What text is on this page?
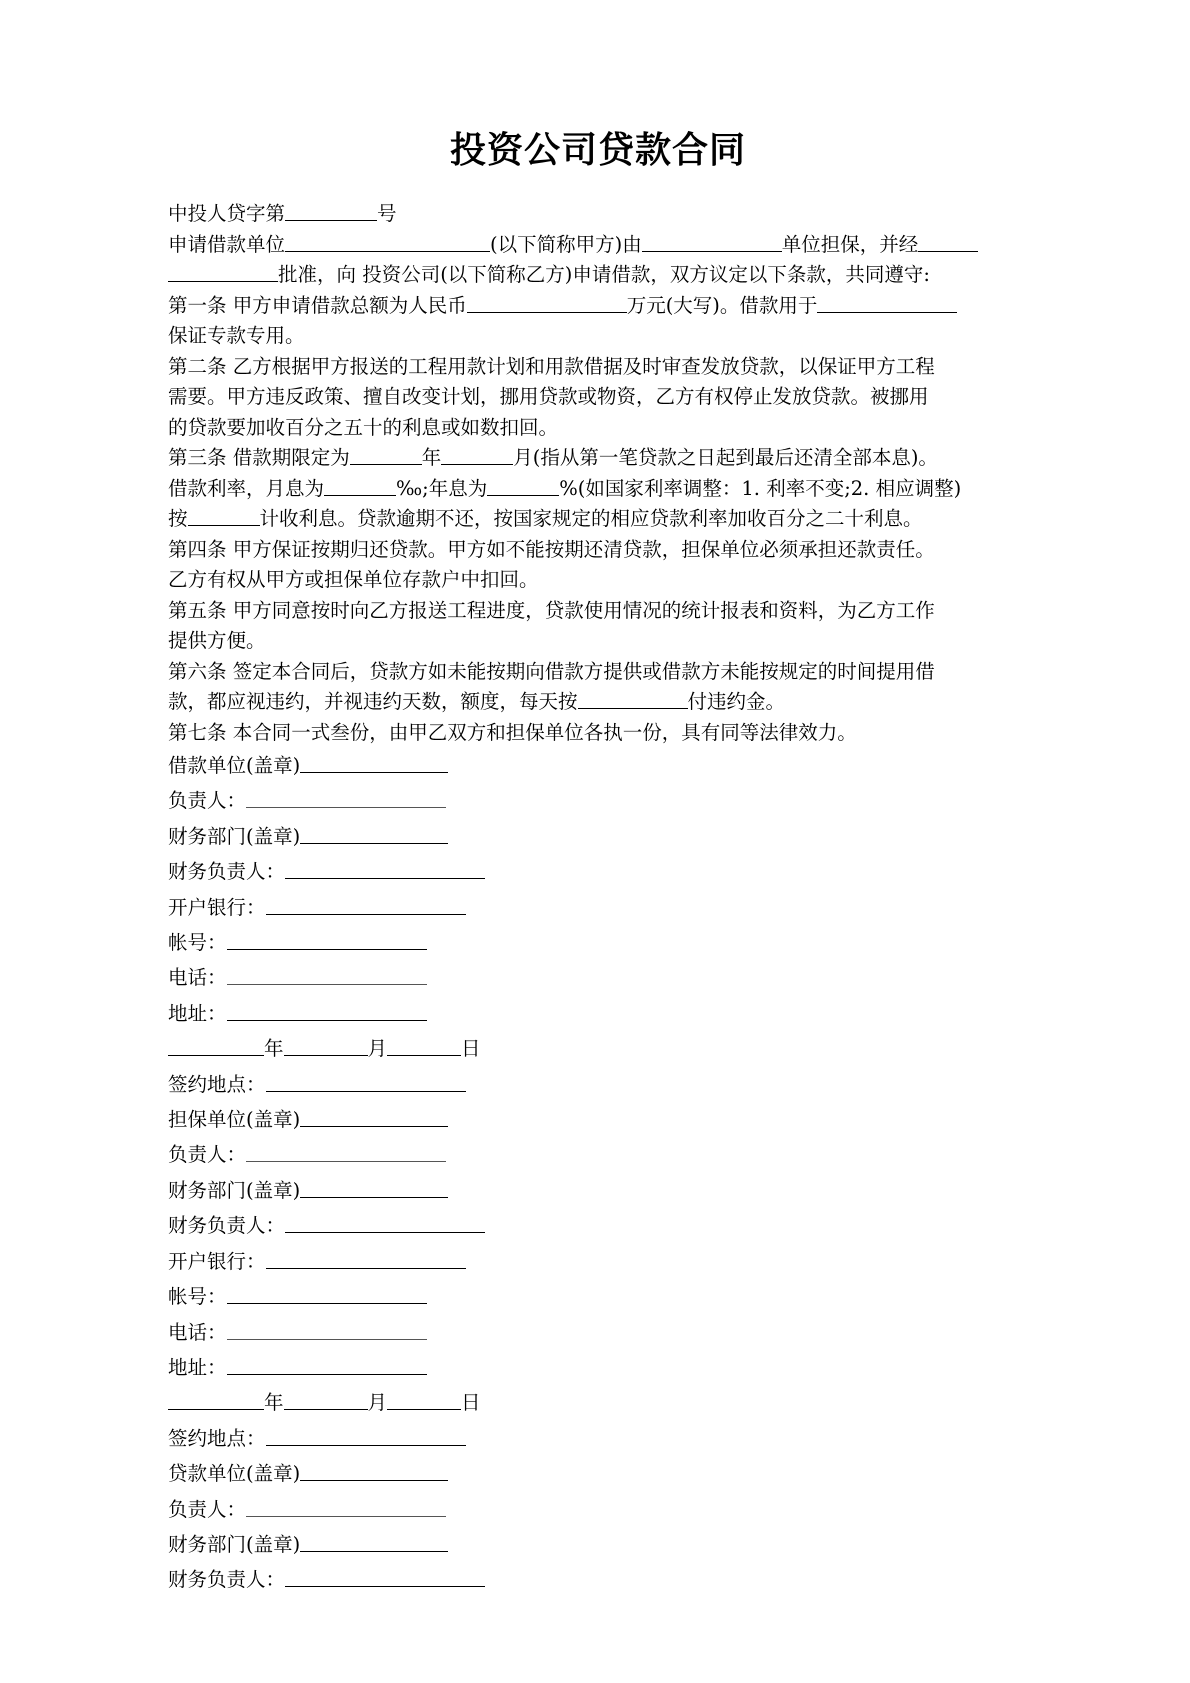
投资公司贷款合同
中投人贷字第	号
申请借款单位	(以下简称甲方)由	单位担保，并经
批准，向 投资公司(以下简称乙方)申请借款，双方议定以下条款，共同遵守:
第一条 甲方申请借款总额为人民币	万元(大写)。借款用于
保证专款专用。
第二条 乙方根据甲方报送的工程用款计划和用款借据及时审查发放贷款，以保证甲方工程
需要。甲方违反政策、擅自改变计划，挪用贷款或物资，乙方有权停止发放贷款。被挪用
的贷款要加收百分之五十的利息或如数扣回。
第三条 借款期限定为	年	月(指从第一笔贷款之日起到最后还清全部本息)。
借款利率，月息为	‰;年息为	%(如国家利率调整：1. 利率不变;2. 相应调整)
按	计收利息。贷款逾期不还，按国家规定的相应贷款利率加收百分之二十利息。
第四条 甲方保证按期归还贷款。甲方如不能按期还清贷款，担保单位必须承担还款责任。
乙方有权从甲方或担保单位存款户中扣回。
第五条 甲方同意按时向乙方报送工程进度，贷款使用情况的统计报表和资料，为乙方工作
提供方便。
第六条 签定本合同后，贷款方如未能按期向借款方提供或借款方未能按规定的时间提用借
款，都应视违约，并视违约天数，额度，每天按	付违约金。
第七条 本合同一式叁份，由甲乙双方和担保单位各执一份，具有同等法律效力。
借款单位(盖章)
负责人：
财务部门(盖章)
财务负责人：
开户银行：
帐号：
电话：
地址：
年	月	日
签约地点：
担保单位(盖章)
负责人：
财务部门(盖章)
财务负责人：
开户银行：
帐号：
电话：
地址：
年	月	日
签约地点：
贷款单位(盖章)
负责人：
财务部门(盖章)
财务负责人：
